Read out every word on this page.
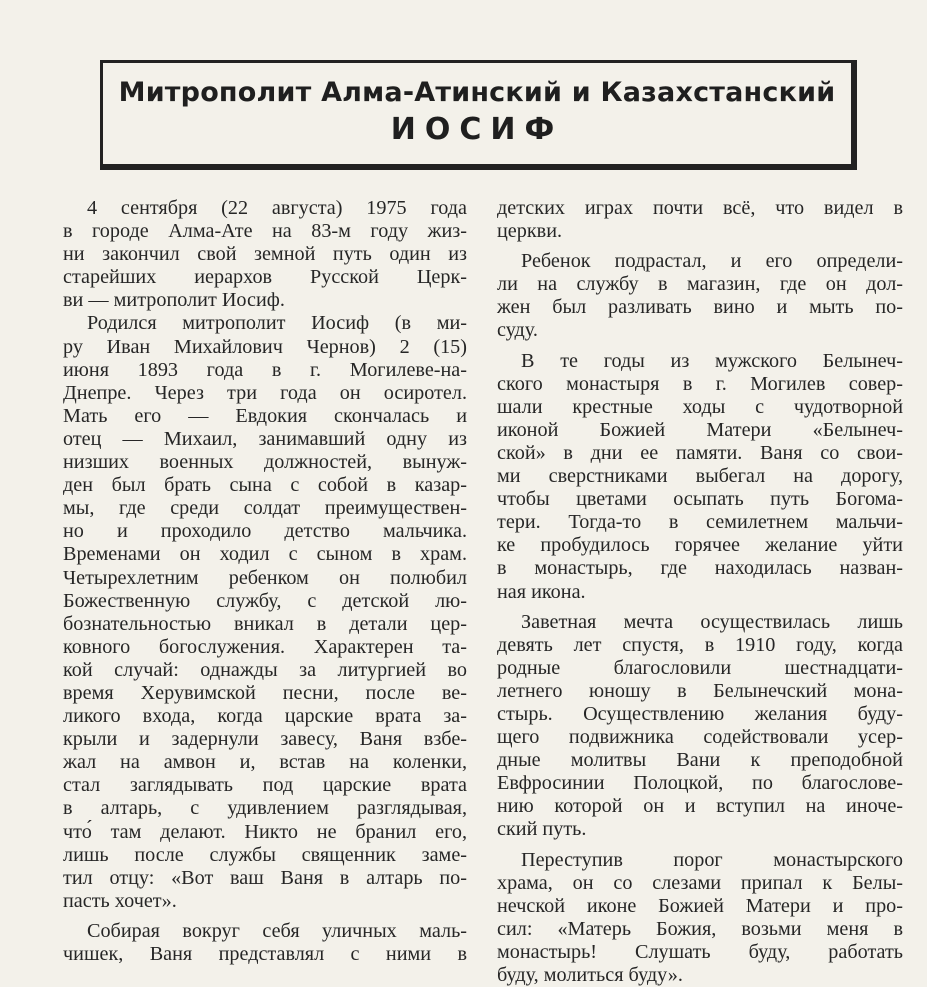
Митрополит Алма-Атинский и Казахстанский
ИОСИФ
4 сентября (22 августа) 1975 года
в городе Алма-Ате на 83-м году жиз-
ни закончил свой земной путь один из
старейших иерархов Русской Церк-
ви — митрополит Иосиф.
Родился митрополит Иосиф (в ми-
ру Иван Михайлович Чернов) 2 (15)
июня 1893 года в г. Могилеве-на-
Днепре. Через три года он осиротел.
Мать его — Евдокия скончалась и
отец — Михаил, занимавший одну из
низших военных должностей, вынуж-
ден был брать сына с собой в казар-
мы, где среди солдат преимуществен-
но и проходило детство мальчика.
Временами он ходил с сыном в храм.
Четырехлетним ребенком он полюбил
Божественную службу, с детской лю-
бознательностью вникал в детали цер-
ковного богослужения. Характерен та-
кой случай: однажды за литургией во
время Херувимской песни, после ве-
ликого входа, когда царские врата за-
крыли и задернули завесу, Ваня взбе-
жал на амвон и, встав на коленки,
стал заглядывать под царские врата
в алтарь, с удивлением разглядывая,
что́ там делают. Никто не бранил его,
лишь после службы священник заме-
тил отцу: «Вот ваш Ваня в алтарь по-
пасть хочет».
Собирая вокруг себя уличных маль-
чишек, Ваня представлял с ними в
детских играх почти всё, что видел в
церкви.
Ребенок подрастал, и его определи-
ли на службу в магазин, где он дол-
жен был разливать вино и мыть по-
суду.
В те годы из мужского Белынеч-
ского монастыря в г. Могилев совер-
шали крестные ходы с чудотворной
иконой Божией Матери «Белынеч-
ской» в дни ее памяти. Ваня со свои-
ми сверстниками выбегал на дорогу,
чтобы цветами осыпать путь Богома-
тери. Тогда-то в семилетнем мальчи-
ке пробудилось горячее желание уйти
в монастырь, где находилась назван-
ная икона.
Заветная мечта осуществилась лишь
девять лет спустя, в 1910 году, когда
родные благословили шестнадцати-
летнего юношу в Белынечский мона-
стырь. Осуществлению желания буду-
щего подвижника содействовали усер-
дные молитвы Вани к преподобной
Евфросинии Полоцкой, по благослове-
нию которой он и вступил на иноче-
ский путь.
Переступив порог монастырского
храма, он со слезами припал к Белы-
нечской иконе Божией Матери и про-
сил: «Матерь Божия, возьми меня в
монастырь! Слушать буду, работать
буду, молиться буду».
